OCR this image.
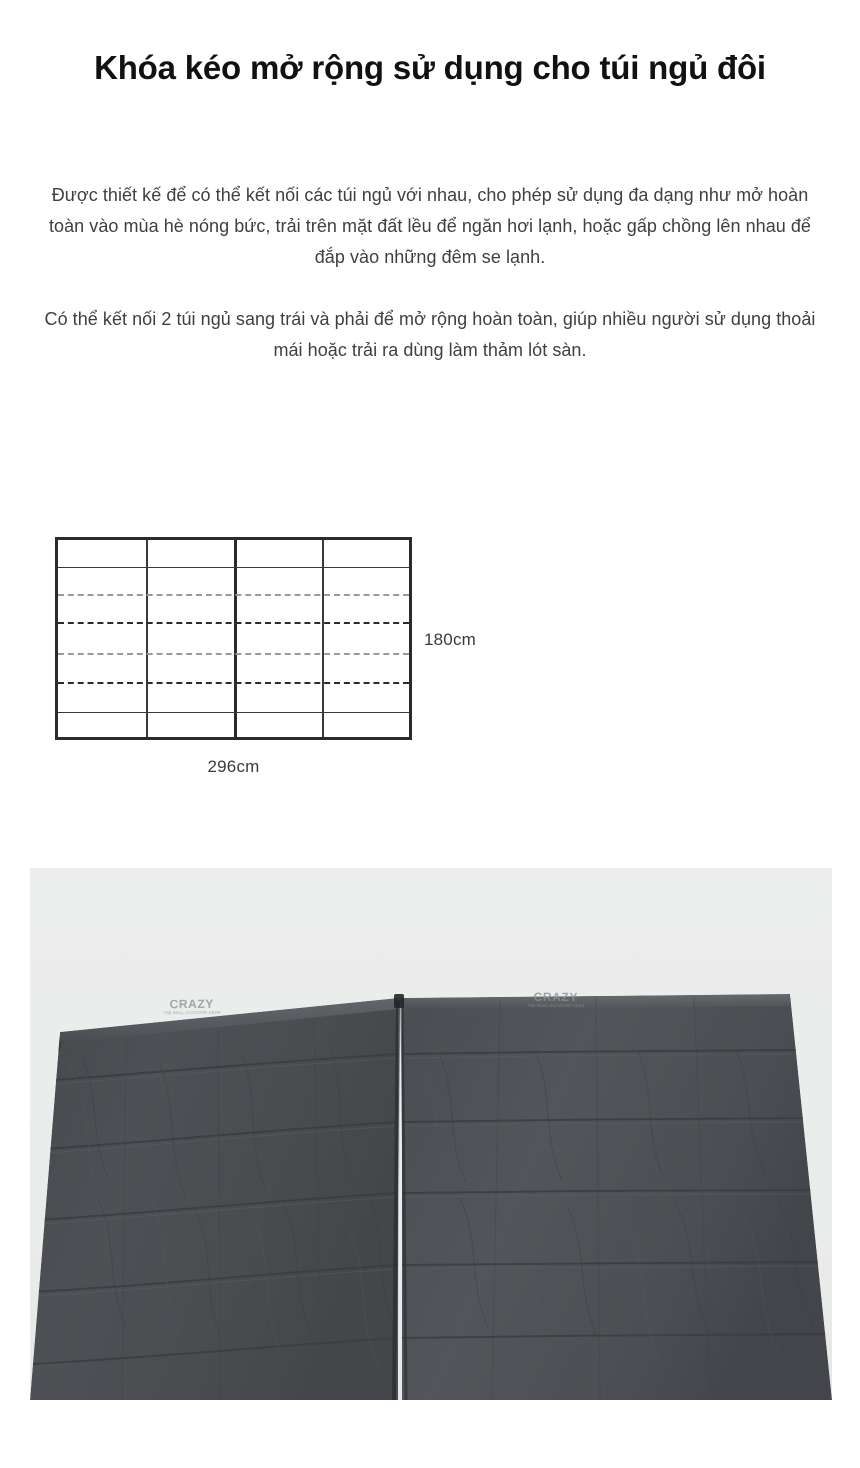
Khóa kéo mở rộng sử dụng cho túi ngủ đôi

Được thiết kế để có thể kết nối các túi ngủ với nhau, cho phép sử dụng đa dạng như mở hoàn toàn vào mùa hè nóng bức, trải trên mặt đất lều để ngăn hơi lạnh, hoặc gấp chồng lên nhau để đắp vào những đêm se lạnh.

Có thể kết nối 2 túi ngủ sang trái và phải để mở rộng hoàn toàn, giúp nhiều người sử dụng thoải mái hoặc trải ra dùng làm thảm lót sàn.

180cm
296cm
CRAZY
THE REAL OUTDOOR GEAR
CRAZY
THE REAL OUTDOOR GEAR
